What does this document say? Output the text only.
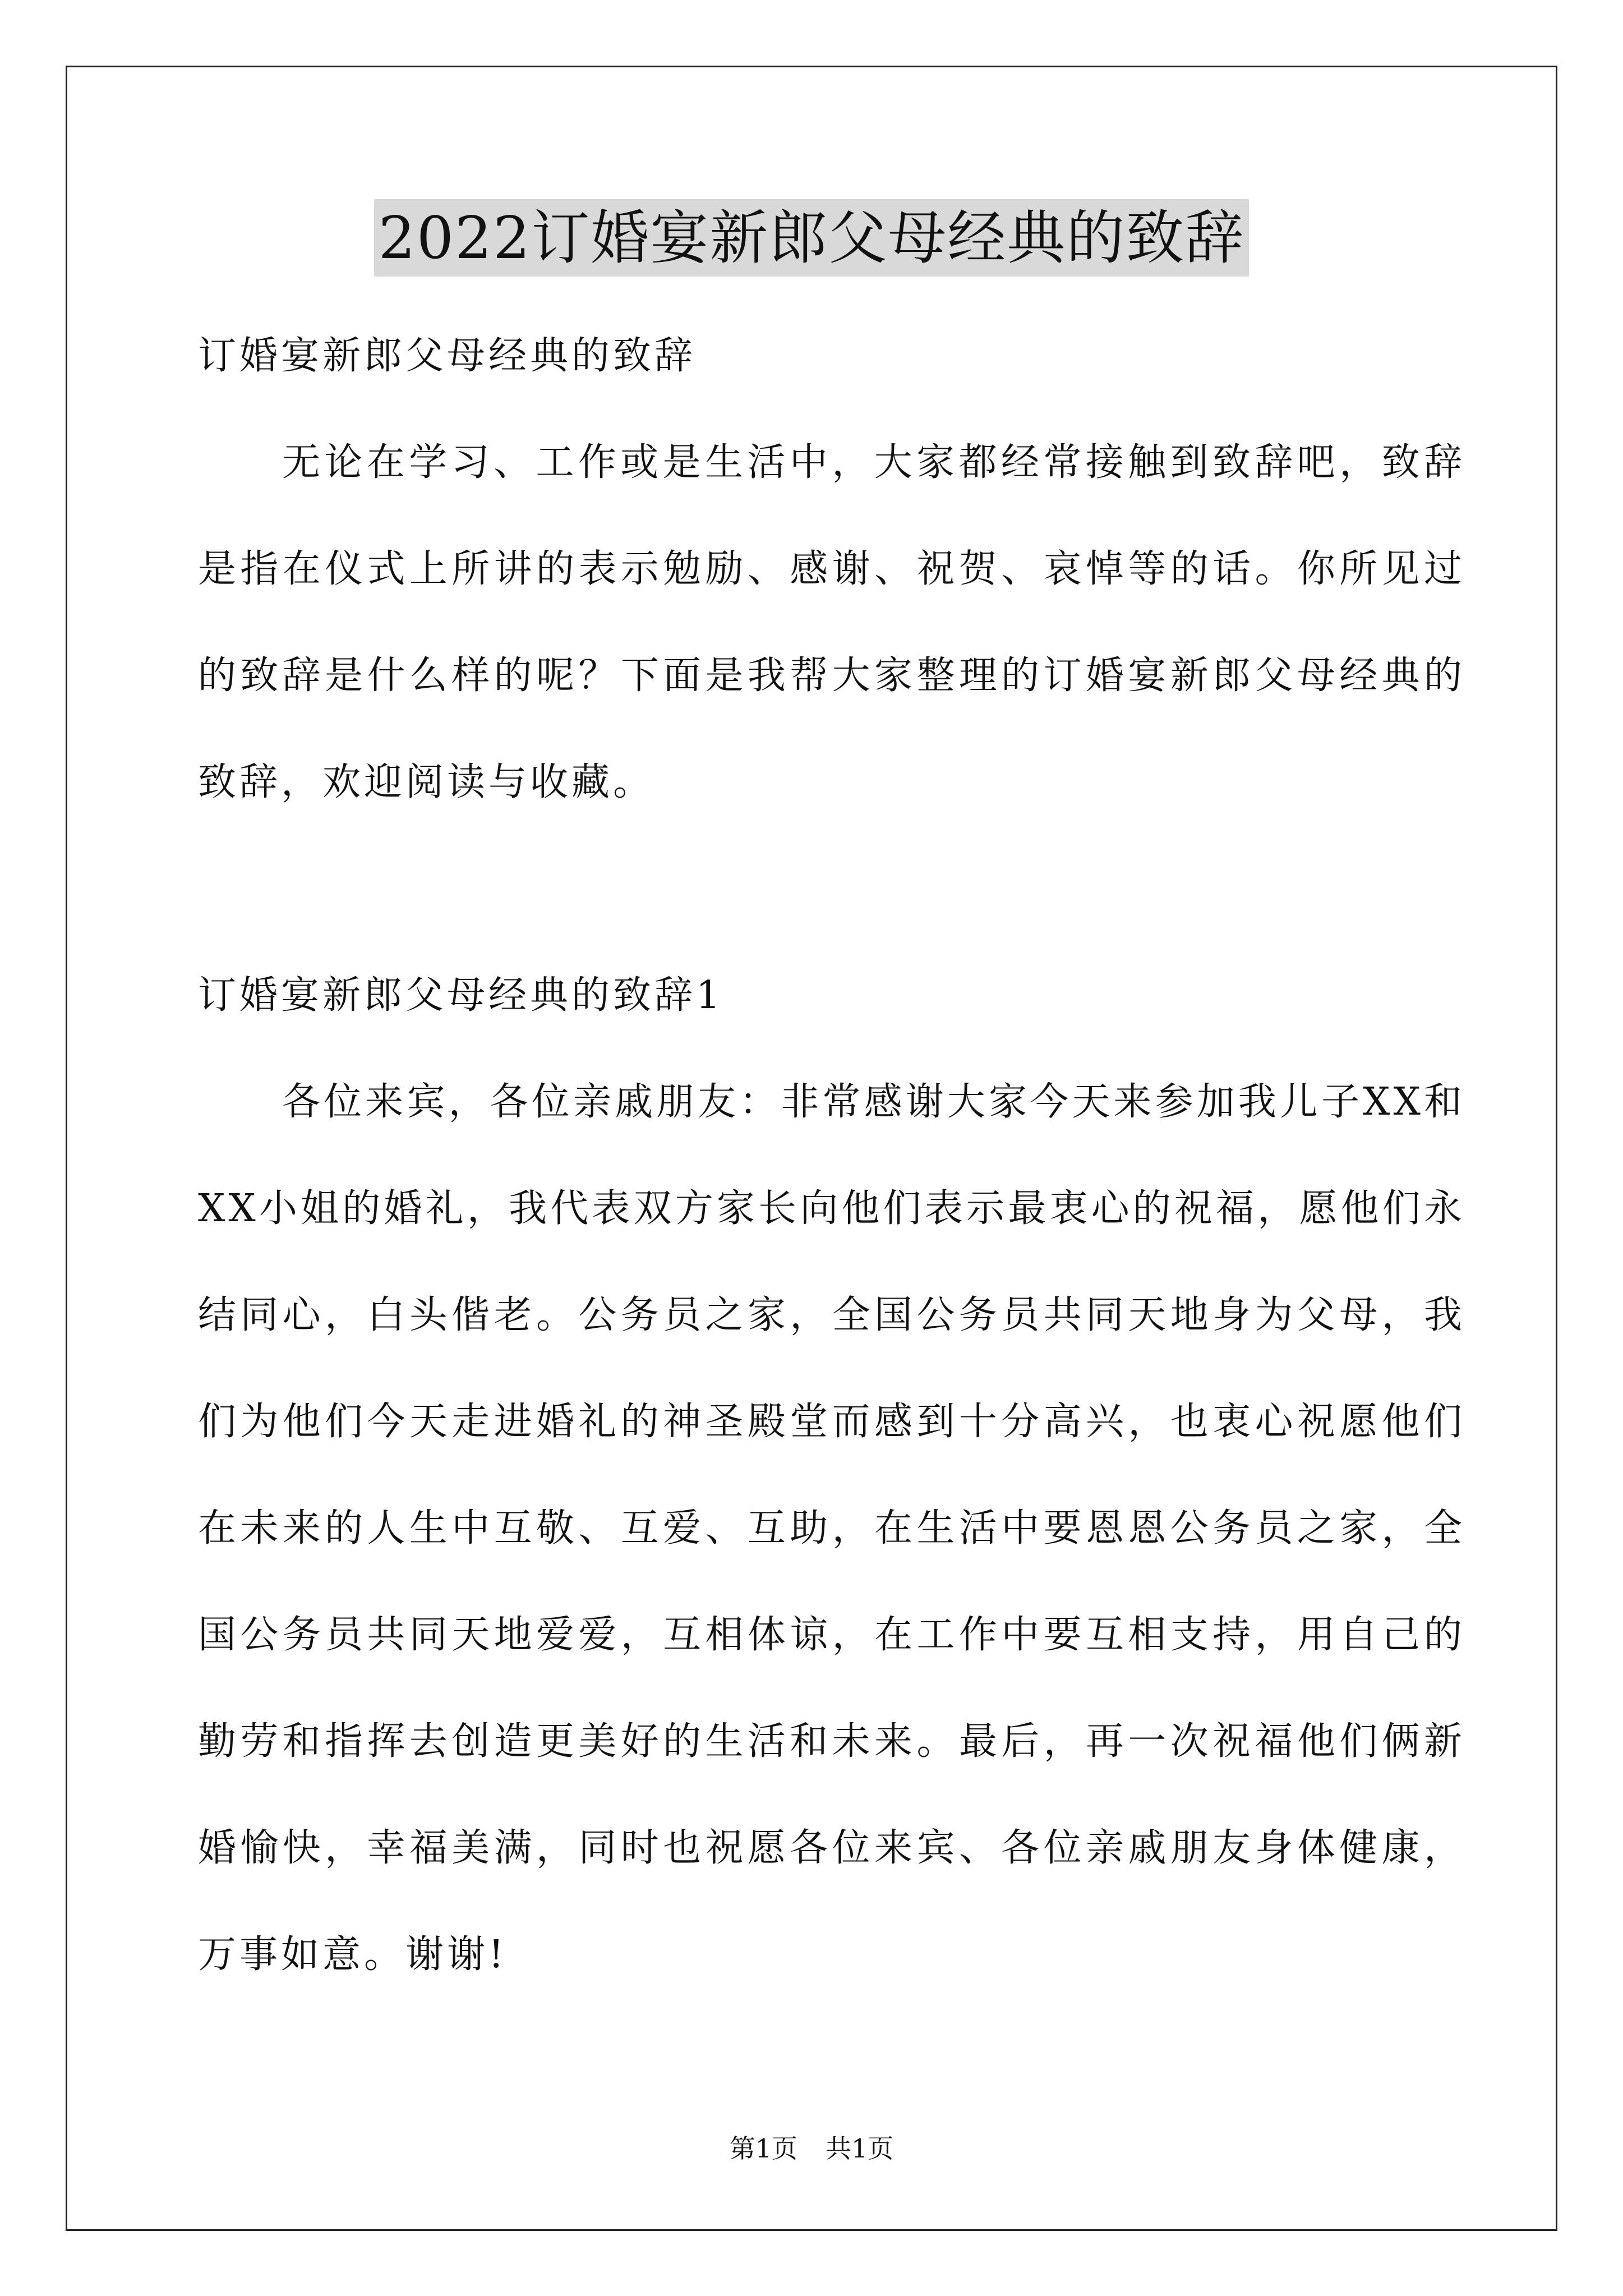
2022订婚宴新郎父母经典的致辞

订婚宴新郎父母经典的致辞

无论在学习、工作或是生活中，大家都经常接触到致辞吧，致辞是指在仪式上所讲的表示勉励、感谢、祝贺、哀悼等的话。你所见过的致辞是什么样的呢？下面是我帮大家整理的订婚宴新郎父母经典的致辞，欢迎阅读与收藏。

订婚宴新郎父母经典的致辞1

各位来宾，各位亲戚朋友：非常感谢大家今天来参加我儿子XX和XX小姐的婚礼，我代表双方家长向他们表示最衷心的祝福，愿他们永结同心，白头偕老。公务员之家，全国公务员共同天地身为父母，我们为他们今天走进婚礼的神圣殿堂而感到十分高兴，也衷心祝愿他们在未来的人生中互敬、互爱、互助，在生活中要恩恩公务员之家，全国公务员共同天地爱爱，互相体谅，在工作中要互相支持，用自己的勤劳和指挥去创造更美好的生活和未来。最后，再一次祝福他们俩新婚愉快，幸福美满，同时也祝愿各位来宾、各位亲戚朋友身体健康，万事如意。谢谢!

第1页 共1页
